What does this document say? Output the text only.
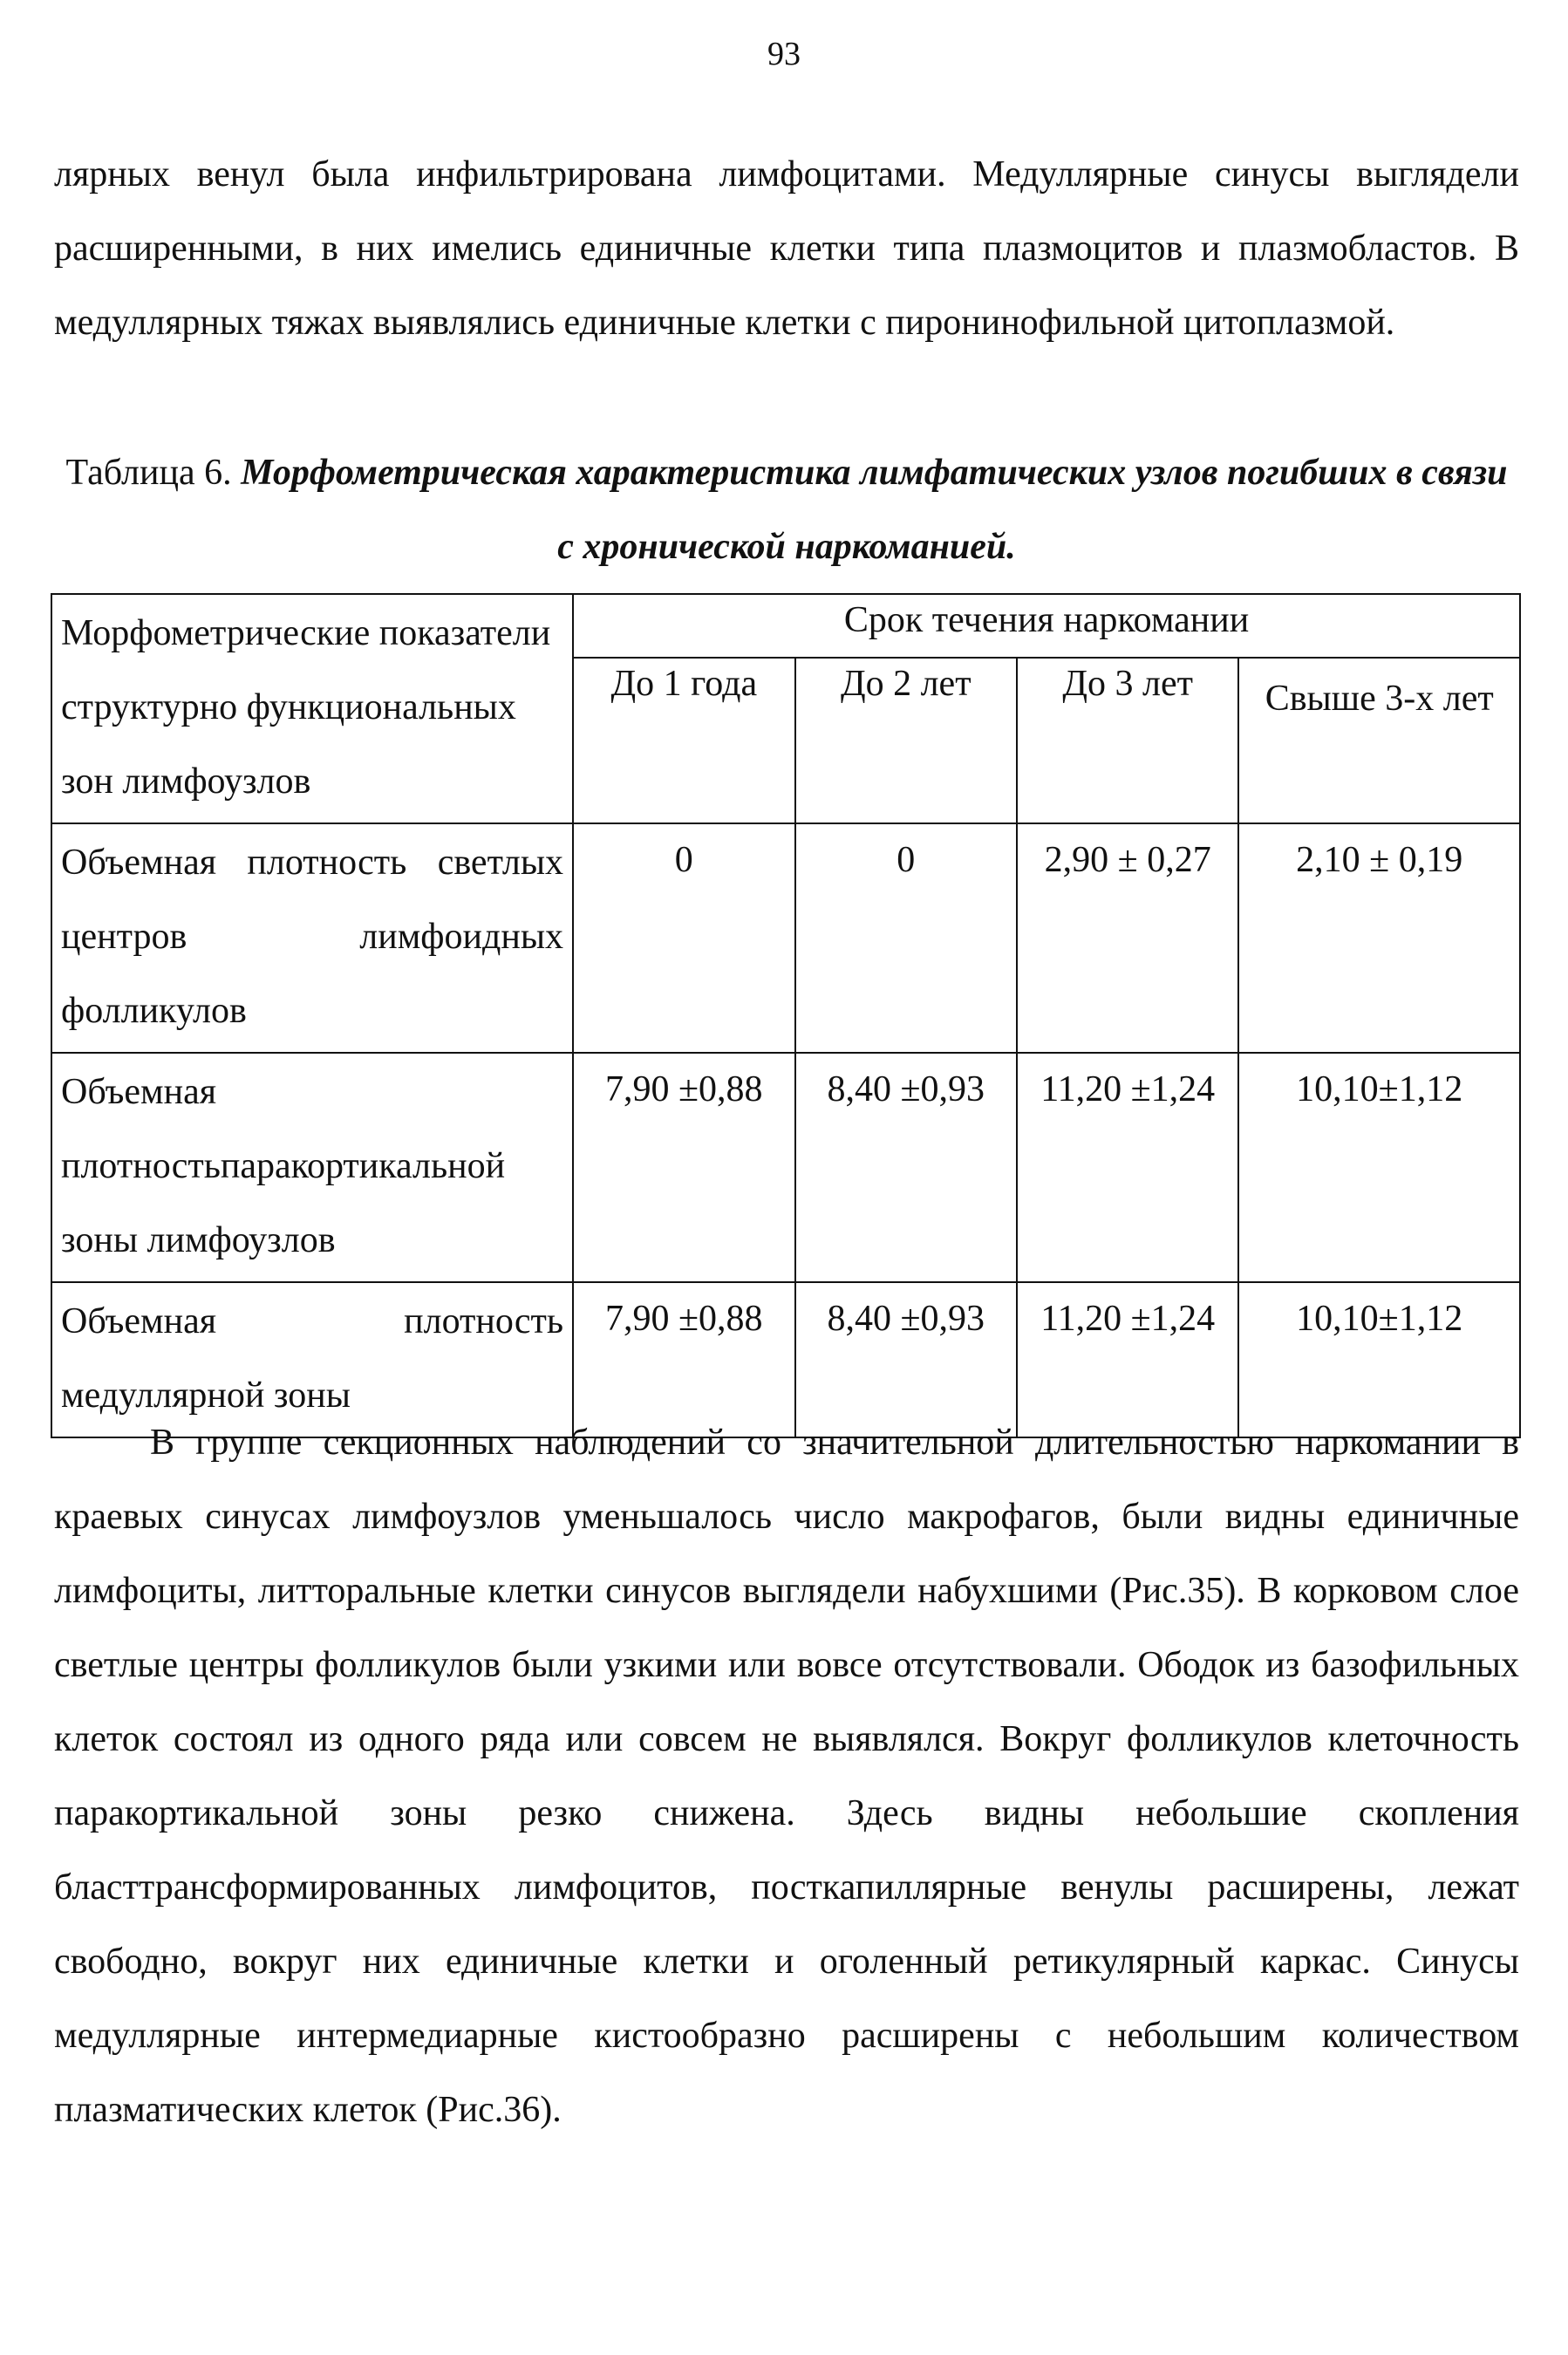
93
лярных венул была инфильтрирована лимфоцитами. Медуллярные синусы выглядели расширенными, в них имелись единичные клетки типа плазмоцитов и плазмобластов. В медуллярных тяжах выявлялись единичные клетки с пиронинофильной цитоплазмой.
Таблица 6. Морфометрическая характеристика лимфатических узлов погибших в связи с хронической наркоманией.
Морфометрические показатели структурно функциональных зон лимфоузлов	Срок течения наркомании			
	До 1 года	До 2 лет	До 3 лет	Свыше 3-х лет
Объемная плотность светлых центров лимфоидных фолликулов	0	0	2,90 ± 0,27	2,10 ± 0,19
Объемная плотностьпаракортикальной зоны лимфоузлов	7,90 ±0,88	8,40 ±0,93	11,20 ±1,24	10,10±1,12
Объемная плотность медуллярной зоны	7,90 ±0,88	8,40 ±0,93	11,20 ±1,24	10,10±1,12
В группе секционных наблюдений со значительной длительностью наркомании в краевых синусах лимфоузлов уменьшалось число макрофагов, были видны единичные лимфоциты, литторальные клетки синусов выглядели набухшими (Рис.35). В корковом слое светлые центры фолликулов были узкими или вовсе отсутствовали. Ободок из базофильных клеток состоял из одного ряда или совсем не выявлялся. Вокруг фолликулов клеточность паракортикальной зоны резко снижена. Здесь видны небольшие скопления бласттрансформированных лимфоцитов, посткапиллярные венулы расширены, лежат свободно, вокруг них единичные клетки и оголенный ретикулярный каркас. Синусы медуллярные интермедиарные кистообразно расширены с небольшим количеством плазматических клеток (Рис.36).
